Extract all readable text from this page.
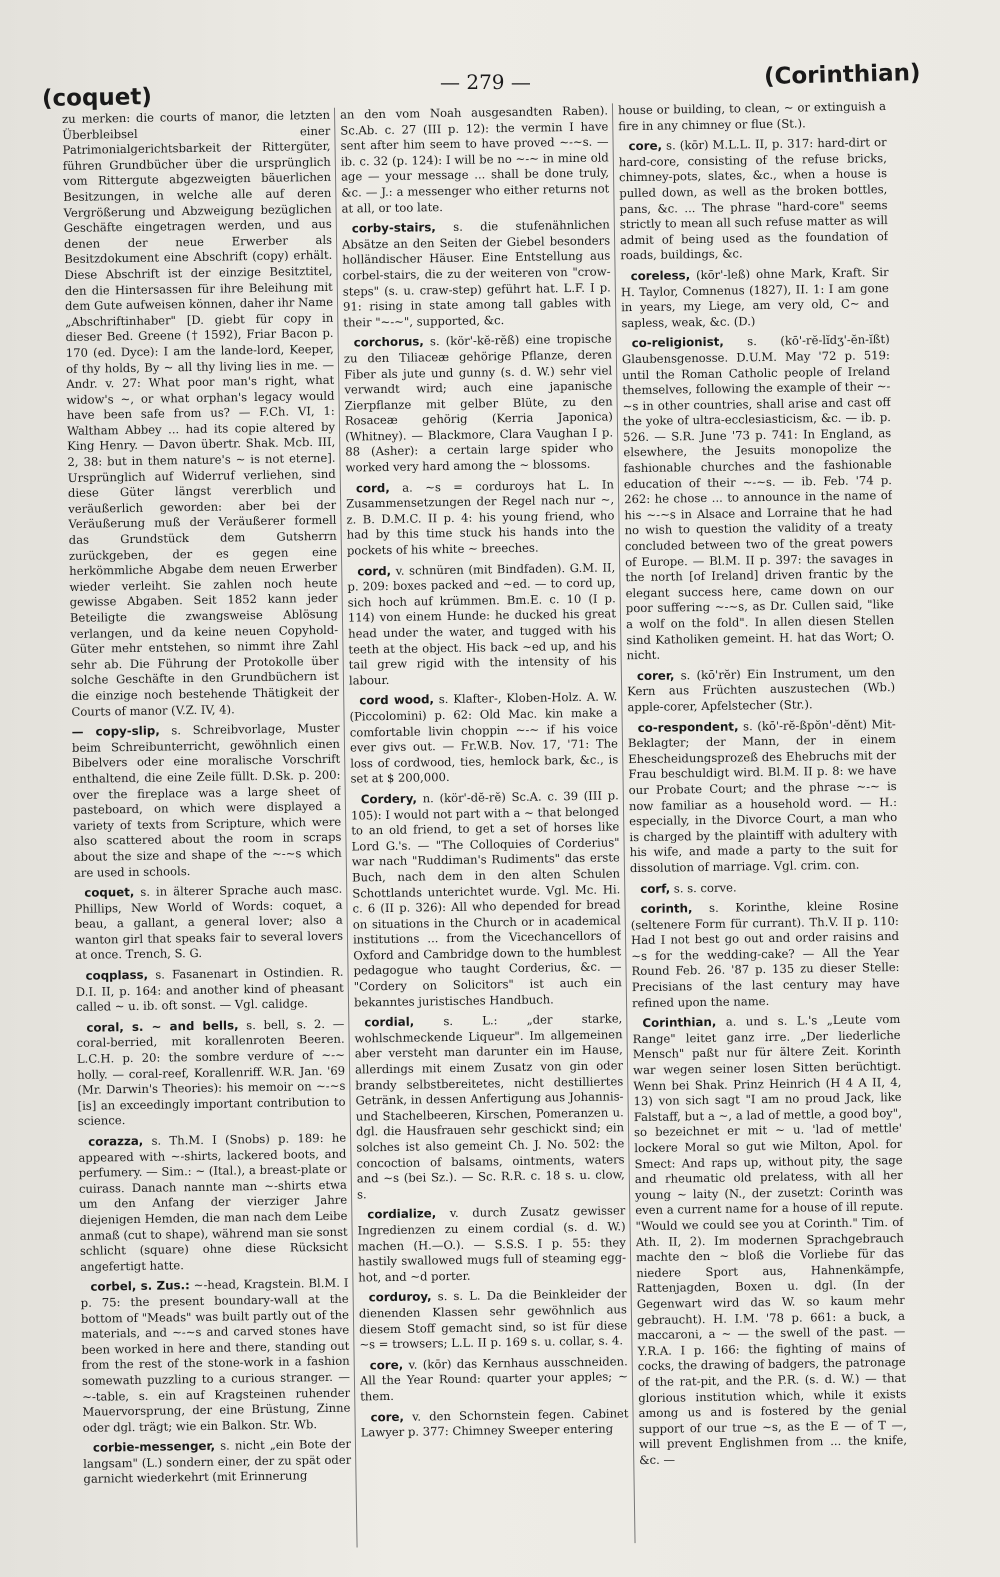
(coquet)
— 279 —	(Corinthian)

zu merken: die courts of manor, die letzten Überbleibsel einer Patrimonialgerichtsbarkeit der Rittergüter, führen Grundbücher über die ursprünglich vom Rittergute abgezweigten bäuerlichen Besitzungen, in welche alle auf deren Vergrößerung und Abzweigung bezüglichen Geschäfte eingetragen werden, und aus denen der neue Erwerber als Besitzdokument eine Abschrift (copy) erhält. Diese Abschrift ist der einzige Besitztitel, den die Hintersassen für ihre Beleihung mit dem Gute aufweisen können, daher ihr Name „Abschriftinhaber" [D. giebt für copy in dieser Bed. Greene († 1592), Friar Bacon p. 170 (ed. Dyce): I am the lande-lord, Keeper, of thy holds, By ~ all thy living lies in me. — Andr. v. 27: What poor man's right, what widow's ~, or what orphan's legacy would have been safe from us? — F.Ch. VI, 1: Waltham Abbey ... had its copie altered by King Henry. — Davon übertr. Shak. Mcb. III, 2, 38: but in them nature's ~ is not eterne]. Ursprünglich auf Widerruf verliehen, sind diese Güter längst vererblich und veräußerlich geworden: aber bei der Veräußerung muß der Veräußerer formell das Grundstück dem Gutsherrn zurückgeben, der es gegen eine herkömmliche Abgabe dem neuen Erwerber wieder verleiht. Sie zahlen noch heute gewisse Abgaben. Seit 1852 kann jeder Beteiligte die zwangsweise Ablösung verlangen, und da keine neuen Copyhold-Güter mehr entstehen, so nimmt ihre Zahl sehr ab. Die Führung der Protokolle über solche Geschäfte in den Grundbüchern ist die einzige noch bestehende Thätigkeit der Courts of manor (V.Z. IV, 4).

— copy-slip, s. Schreibvorlage, Muster beim Schreibunterricht, gewöhnlich einen Bibelvers oder eine moralische Vorschrift enthaltend, die eine Zeile füllt. D.Sk. p. 200: over the fireplace was a large sheet of pasteboard, on which were displayed a variety of texts from Scripture, which were also scattered about the room in scraps about the size and shape of the ~-~s which are used in schools.

coquet, s. in älterer Sprache auch masc. Phillips, New World of Words: coquet, a beau, a gallant, a general lover; also a wanton girl that speaks fair to several lovers at once. Trench, S. G.

coqplass, s. Fasanenart in Ostindien. R. D.I. II, p. 164: and another kind of pheasant called ~ u. ib. oft sonst. — Vgl. calidge.

coral, s. ~ and bells, s. bell, s. 2. — coral-berried, mit korallenroten Beeren. L.C.H. p. 20: the sombre verdure of ~-~ holly. — coral-reef, Korallenriff. W.R. Jan. '69 (Mr. Darwin's Theories): his memoir on ~-~s [is] an exceedingly important contribution to science.

corazza, s. Th.M. I (Snobs) p. 189: he appeared with ~-shirts, lackered boots, and perfumery. — Sim.: ~ (Ital.), a breast-plate or cuirass. Danach nannte man ~-shirts etwa um den Anfang der vierziger Jahre diejenigen Hemden, die man nach dem Leibe anmaß (cut to shape), während man sie sonst schlicht (square) ohne diese Rücksicht angefertigt hatte.

corbel, s. Zus.: ~-head, Kragstein. Bl.M. I p. 75: the present boundary-wall at the bottom of "Meads" was built partly out of the materials, and ~-~s and carved stones have been worked in here and there, standing out from the rest of the stone-work in a fashion somewath puzzling to a curious stranger. — ~-table, s. ein auf Kragsteinen ruhender Mauervorsprung, der eine Brüstung, Zinne oder dgl. trägt; wie ein Balkon. Str. Wb.

corbie-messenger, s. nicht „ein Bote der langsam" (L.) sondern einer, der zu spät oder garnicht wiederkehrt (mit Erinnerung

an den vom Noah ausgesandten Raben). Sc.Ab. c. 27 (III p. 12): the vermin I have sent after him seem to have proved ~-~s. — ib. c. 32 (p. 124): I will be no ~-~ in mine old age — your message ... shall be done truly, &c. — J.: a messenger who either returns not at all, or too late.

corby-stairs, s. die stufenähnlichen Absätze an den Seiten der Giebel besonders holländischer Häuser. Eine Entstellung aus corbel-stairs, die zu der weiteren von "crow-steps" (s. u. craw-step) geführt hat. L.F. I p. 91: rising in state among tall gables with their "~-~", supported, &c.

corchorus, s. (kör'-kĕ-rĕß) eine tropische zu den Tiliaceæ gehörige Pflanze, deren Fiber als jute und gunny (s. d. W.) sehr viel verwandt wird; auch eine japanische Zierpflanze mit gelber Blüte, zu den Rosaceæ gehörig (Kerria Japonica) (Whitney). — Blackmore, Clara Vaughan I p. 88 (Asher): a certain large spider who worked very hard among the ~ blossoms.

cord, a. ~s = corduroys hat L. In Zusammensetzungen der Regel nach nur ~, z. B. D.M.C. II p. 4: his young friend, who had by this time stuck his hands into the pockets of his white ~ breeches.

cord, v. schnüren (mit Bindfaden). G.M. II, p. 209: boxes packed and ~ed. — to cord up, sich hoch auf krümmen. Bm.E. c. 10 (I p. 114) von einem Hunde: he ducked his great head under the water, and tugged with his teeth at the object. His back ~ed up, and his tail grew rigid with the intensity of his labour.

cord wood, s. Klafter-, Kloben-Holz. A. W. (Piccolomini) p. 62: Old Mac. kin make a comfortable livin choppin ~-~ if his voice ever givs out. — Fr.W.B. Nov. 17, '71: The loss of cordwood, ties, hemlock bark, &c., is set at $ 200,000.

Cordery, n. (kör'-dĕ-rĕ) Sc.A. c. 39 (III p. 105): I would not part with a ~ that belonged to an old friend, to get a set of horses like Lord G.'s. — "The Colloquies of Corderius" war nach "Ruddiman's Rudiments" das erste Buch, nach dem in den alten Schulen Schottlands unterichtet wurde. Vgl. Mc. Hi. c. 6 (II p. 326): All who depended for bread on situations in the Church or in academical institutions ... from the Vicechancellors of Oxford and Cambridge down to the humblest pedagogue who taught Corderius, &c. — "Cordery on Solicitors" ist auch ein bekanntes juristisches Handbuch.

cordial, s. L.: „der starke, wohlschmeckende Liqueur". Im allgemeinen aber versteht man darunter ein im Hause, allerdings mit einem Zusatz von gin oder brandy selbstbereitetes, nicht destilliertes Getränk, in dessen Anfertigung aus Johannis- und Stachelbeeren, Kirschen, Pomeranzen u. dgl. die Hausfrauen sehr geschickt sind; ein solches ist also gemeint Ch. J. No. 502: the concoction of balsams, ointments, waters and ~s (bei Sz.). — Sc. R.R. c. 18 s. u. clow, s.

cordialize, v. durch Zusatz gewisser Ingredienzen zu einem cordial (s. d. W.) machen (H.—O.). — S.S.S. I p. 55: they hastily swallowed mugs full of steaming egg-hot, and ~d porter.

corduroy, s. s. L. Da die Beinkleider der dienenden Klassen sehr gewöhnlich aus diesem Stoff gemacht sind, so ist für diese ~s = trowsers; L.L. II p. 169 s. u. collar, s. 4.

core, v. (kōr) das Kernhaus ausschneiden. All the Year Round: quarter your apples; ~ them.

core, v. den Schornstein fegen. Cabinet Lawyer p. 377: Chimney Sweeper entering

house or building, to clean, ~ or extinguish a fire in any chimney or flue (St.).

core, s. (kōr) M.L.L. II, p. 317: hard-dirt or hard-core, consisting of the refuse bricks, chimney-pots, slates, &c., when a house is pulled down, as well as the broken bottles, pans, &c. ... The phrase "hard-core" seems strictly to mean all such refuse matter as will admit of being used as the foundation of roads, buildings, &c.

coreless, (kōr'-leß) ohne Mark, Kraft. Sir H. Taylor, Comnenus (1827), II. 1: I am gone in years, my Liege, am very old, C~ and sapless, weak, &c. (D.)

co-religionist, s. (kō'-rĕ-lĭdʒ'-ĕn-ĭßt) Glaubensgenosse. D.U.M. May '72 p. 519: until the Roman Catholic people of Ireland themselves, following the example of their ~-~s in other countries, shall arise and cast off the yoke of ultra-ecclesiasticism, &c. — ib. p. 526. — S.R. June '73 p. 741: In England, as elsewhere, the Jesuits monopolize the fashionable churches and the fashionable education of their ~-~s. — ib. Feb. '74 p. 262: he chose ... to announce in the name of his ~-~s in Alsace and Lorraine that he had no wish to question the validity of a treaty concluded between two of the great powers of Europe. — Bl.M. II p. 397: the savages in the north [of Ireland] driven frantic by the elegant success here, came down on our poor suffering ~-~s, as Dr. Cullen said, "like a wolf on the fold". In allen diesen Stellen sind Katholiken gemeint. H. hat das Wort; O. nicht.

corer, s. (kō'rĕr) Ein Instrument, um den Kern aus Früchten auszustechen (Wb.) apple-corer, Apfelstecher (Str.).

co-respondent, s. (kō'-rĕ-ßpŏn'-dĕnt) Mit-Beklagter; der Mann, der in einem Ehescheidungsprozeß des Ehebruchs mit der Frau beschuldigt wird. Bl.M. II p. 8: we have our Probate Court; and the phrase ~-~ is now familiar as a household word. — H.: especially, in the Divorce Court, a man who is charged by the plaintiff with adultery with his wife, and made a party to the suit for dissolution of marriage. Vgl. crim. con.

corf, s. s. corve.

corinth, s. Korinthe, kleine Rosine (seltenere Form für currant). Th.V. II p. 110: Had I not best go out and order raisins and ~s for the wedding-cake? — All the Year Round Feb. 26. '87 p. 135 zu dieser Stelle: Precisians of the last century may have refined upon the name.

Corinthian, a. und s. L.'s „Leute vom Range" leitet ganz irre. „Der liederliche Mensch" paßt nur für ältere Zeit. Korinth war wegen seiner losen Sitten berüchtigt. Wenn bei Shak. Prinz Heinrich (H 4 A II, 4, 13) von sich sagt "I am no proud Jack, like Falstaff, but a ~, a lad of mettle, a good boy", so bezeichnet er mit ~ u. 'lad of mettle' lockere Moral so gut wie Milton, Apol. for Smect: And raps up, without pity, the sage and rheumatic old prelatess, with all her young ~ laity (N., der zusetzt: Corinth was even a current name for a house of ill repute. "Would we could see you at Corinth." Tim. of Ath. II, 2). Im modernen Sprachgebrauch machte den ~ bloß die Vorliebe für das niedere Sport aus, Hahnenkämpfe, Rattenjagden, Boxen u. dgl. (In der Gegenwart wird das W. so kaum mehr gebraucht). H. I.M. '78 p. 661: a buck, a maccaroni, a ~ — the swell of the past. — Y.R.A. I p. 166: the fighting of mains of cocks, the drawing of badgers, the patronage of the rat-pit, and the P.R. (s. d. W.) — that glorious institution which, while it exists among us and is fostered by the genial support of our true ~s, as the E — of T —, will prevent Englishmen from ... the knife, &c. —
